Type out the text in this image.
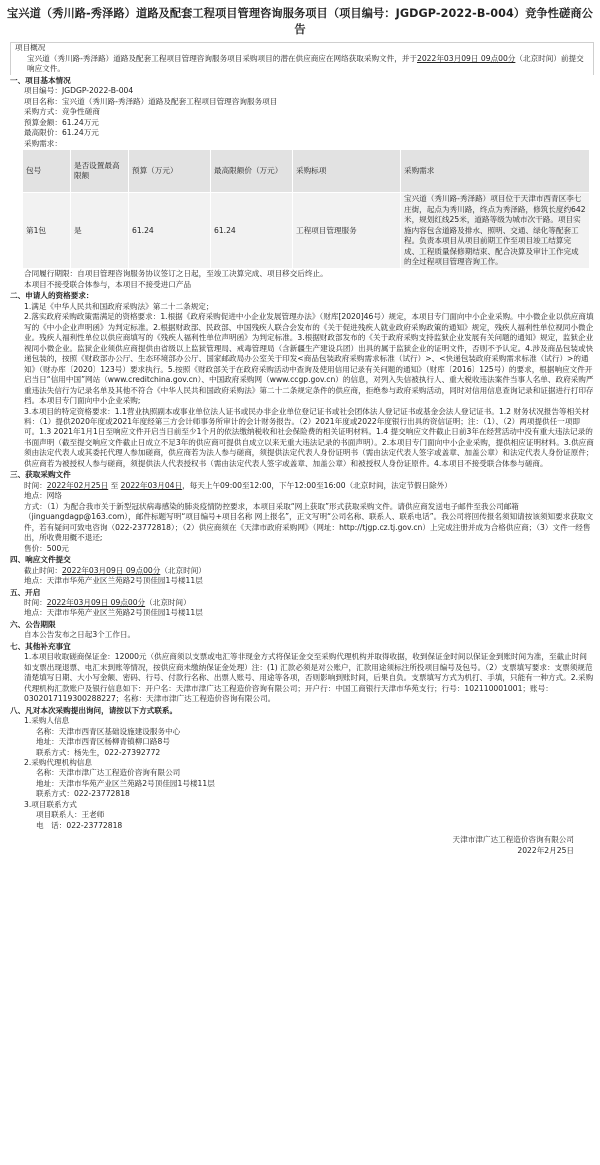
宝兴道（秀川路-秀泽路）道路及配套工程项目管理咨询服务项目（项目编号：JGDGP-2022-B-004）竞争性磋商公告
项目概况
宝兴道（秀川路-秀泽路）道路及配套工程项目管理咨询服务项目采购项目的潜在供应商应在网络获取采购文件，并于2022年03月09日 09点00分（北京时间）前提交响应文件。
一、项目基本情况
项目编号：JGDGP-2022-B-004
项目名称：宝兴道（秀川路-秀泽路）道路及配套工程项目管理咨询服务项目
采购方式：竞争性磋商
预算金额：61.24万元
最高限价：61.24万元
采购需求：
包号	是否设置最高限额	预算（万元）	最高限额价（万元）	采购标项	采购需求
第1包	是	61.24	61.24	工程项目管理服务	宝兴道（秀川路-秀泽路）项目位于天津市西青区李七庄街，起点为秀川路，终点为秀泽路，修筑长度约642米，规划红线25米，道路等级为城市次干路。项目实施内容包含道路及排水、照明、交通、绿化等配套工程。负责本项目从项目前期工作至项目竣工结算完成、工程质量保修期结束、配合决算及审计工作完成的全过程项目管理咨询工作。
合同履行期限：自项目管理咨询服务协议签订之日起，至竣工决算完成、项目移交后终止。
本项目不接受联合体参与，本项目不接受进口产品
二、申请人的资格要求：
1.满足《中华人民共和国政府采购法》第二十二条规定；
2.落实政府采购政策需满足的资格要求：1.根据《政府采购促进中小企业发展管理办法》（财库[2020]46号）规定，本项目专门面向中小企业采购。中小微企业以供应商填写的《中小企业声明函》为判定标准。2.根据财政部、民政部、中国残疾人联合会发布的《关于促进残疾人就业政府采购政策的通知》规定，残疾人福利性单位视同小微企业。残疾人福利性单位以供应商填写的《残疾人福利性单位声明函》为判定标准。3.根据财政部发布的《关于政府采购支持监狱企业发展有关问题的通知》规定，监狱企业视同小微企业。监狱企业须供应商提供由省级以上监狱管理局、戒毒管理局（含新疆生产建设兵团）出具的属于监狱企业的证明文件，否则不予认定。4.涉及商品包装或快递包装的，按照《财政部办公厅、生态环境部办公厅、国家邮政局办公室关于印发<商品包装政府采购需求标准（试行）>、<快递包装政府采购需求标准（试行）>的通知》（财办库〔2020〕123号）要求执行。5.按照《财政部关于在政府采购活动中查询及使用信用记录有关问题的通知》（财库〔2016〕125号）的要求，根据响应文件开启当日“信用中国”网站（www.creditchina.gov.cn）、中国政府采购网（www.ccgp.gov.cn）的信息，对列入失信被执行人、重大税收违法案件当事人名单、政府采购严重违法失信行为记录名单及其他不符合《中华人民共和国政府采购法》第二十二条规定条件的供应商，拒绝参与政府采购活动，同时对信用信息查询记录和证据进行打印存档。本项目专门面向中小企业采购;
3.本项目的特定资格要求：1.1营业执照副本或事业单位法人证书或民办非企业单位登记证书或社会团体法人登记证书或基金会法人登记证书。1.2 财务状况报告等相关材料：（1）提供2020年度或2021年度经第三方会计师事务所审计的会计财务报告。（2）2021年度或2022年度银行出具的资信证明；注：（1）、（2）两项提供任一项即可。1.3 2021年1月1日至响应文件开启当日前至少1个月的依法缴纳税收和社会保险费的相关证明材料。1.4 提交响应文件截止日前3年在经营活动中没有重大违法记录的书面声明（截至提交响应文件截止日成立不足3年的供应商可提供自成立以来无重大违法记录的书面声明）。2.本项目专门面向中小企业采购，提供相应证明材料。3.供应商须由法定代表人或其委托代理人参加磋商，供应商若为法人参与磋商，须提供法定代表人身份证明书（需由法定代表人签字或盖章、加盖公章）和法定代表人身份证原件；供应商若为被授权人参与磋商，须提供法人代表授权书（需由法定代表人签字或盖章、加盖公章）和被授权人身份证原件。4.本项目不接受联合体参与磋商。
三、获取采购文件
时间：2022年02月25日 至 2022年03月04日，每天上午09:00至12:00，下午12:00至16:00（北京时间，法定节假日除外）
地点：网络
方式：（1）为配合我市关于新型冠状病毒感染的肺炎疫情防控要求，本项目采取“网上获取”形式获取采购文件。请供应商发送电子邮件至我公司邮箱（jinguangdagp@163.com），邮件标题写明“项目编号+项目名称 网上报名”，正文写明“公司名称、联系人、联系电话”。我公司将回传报名须知请按该须知要求获取文件，若有疑问可致电咨询（022-23772818）；（2）供应商须在《天津市政府采购网》（网址：http://tjgp.cz.tj.gov.cn）上完成注册并成为合格供应商；（3）文件一经售出，所收费用概不退还;
售价：500元
四、响应文件提交
截止时间：2022年03月09日 09点00分（北京时间）
地点：天津市华苑产业区兰苑路2号顶佳园1号楼11层
五、开启
时间：2022年03月09日 09点00分（北京时间）
地点：天津市华苑产业区兰苑路2号顶佳园1号楼11层
六、公告期限
自本公告发布之日起3个工作日。
七、其他补充事宜
1.本项目收取磋商保证金：12000元（供应商须以支票或电汇等非现金方式将保证金交至采购代理机构并取得收据，收到保证金时间以保证金到账时间为准，至截止时间如支票出现退票、电汇未到账等情况，按供应商未缴纳保证金处理）注：(1) 汇款必须是对公账户，汇款用途须标注所投项目编号及包号。（2）支票填写要求：支票须规范清楚填写日期、大小写金额、密码、行号、付款行名称、出票人账号、用途等各项，否则影响到账时间，后果自负。支票填写方式为机打、手填，只能有一种方式。2.采购代理机构汇款账户及银行信息如下：开户名：天津市津广达工程造价咨询有限公司；开户行：中国工商银行天津市华苑支行；行号：102110001001；账号：0302017119300288227；名称：天津市津广达工程造价咨询有限公司。
八、凡对本次采购提出询问，请按以下方式联系。
1.采购人信息
名称：天津市西青区基础设施建设服务中心
地址：天津市西青区杨柳青镇柳口路8号
联系方式：杨先生，022-27392772
2.采购代理机构信息
名称：天津市津广达工程造价咨询有限公司
地址：天津市华苑产业区兰苑路2号顶佳园1号楼11层
联系方式：022-23772818
3.项目联系方式
项目联系人：王老师
电　话：022-23772818
天津市津广达工程造价咨询有限公司
2022年2月25日
